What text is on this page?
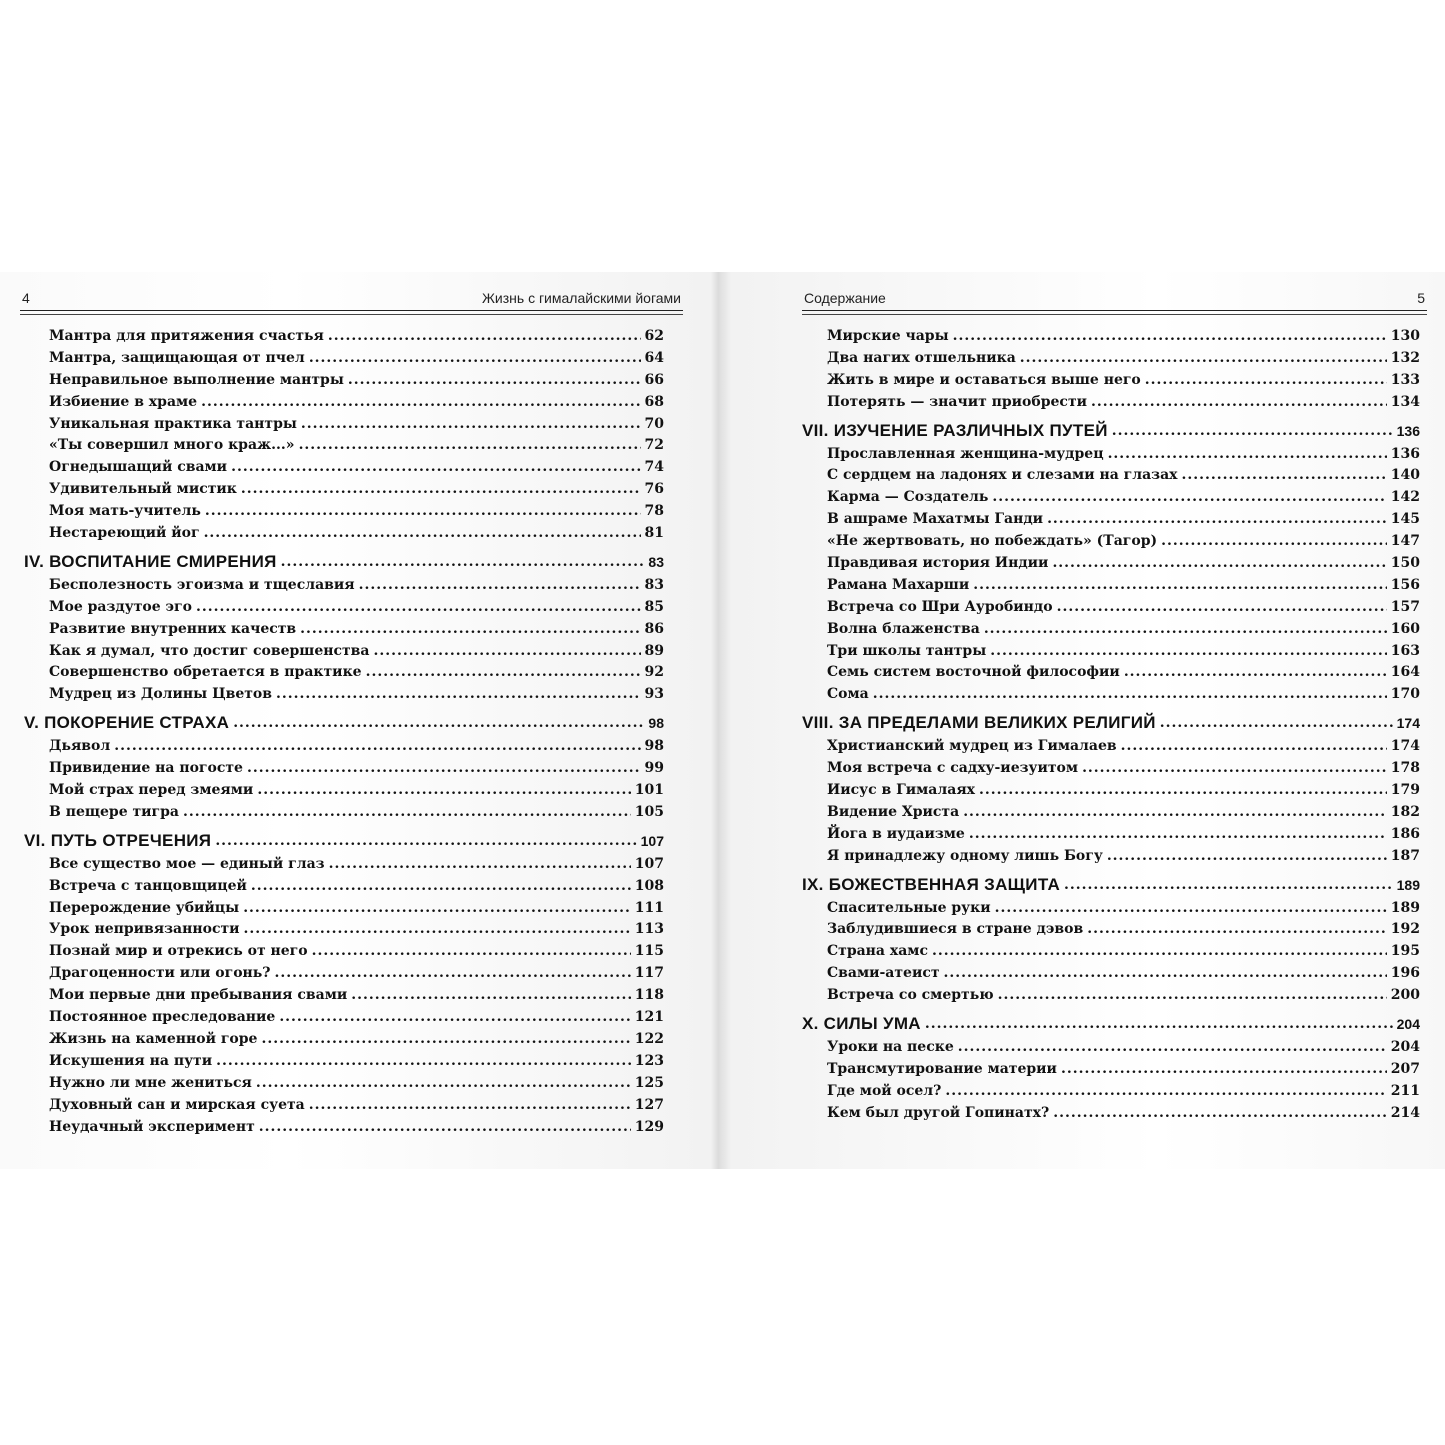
4	Жизнь с гималайскими йогами
Мантра для притяжения счастья .....	62
Мантра, защищающая от пчел .....	64
Неправильное выполнение мантры .....	66
Избиение в храме .....	68
Уникальная практика тантры .....	70
«Ты совершил много краж...» .....	72
Огнедышащий свами .....	74
Удивительный мистик .....	76
Моя мать-учитель .....	78
Нестареющий йог .....	81
IV. ВОСПИТАНИЕ СМИРЕНИЯ .....	83
Бесполезность эгоизма и тщеславия .....	83
Мое раздутое эго .....	85
Развитие внутренних качеств .....	86
Как я думал, что достиг совершенства .....	89
Совершенство обретается в практике .....	92
Мудрец из Долины Цветов .....	93
V. ПОКОРЕНИЕ СТРАХА .....	98
Дьявол .....	98
Привидение на погосте .....	99
Мой страх перед змеями .....	101
В пещере тигра .....	105
VI. ПУТЬ ОТРЕЧЕНИЯ .....	107
Все существо мое — единый глаз .....	107
Встреча с танцовщицей .....	108
Перерождение убийцы .....	111
Урок непривязанности .....	113
Познай мир и отрекись от него .....	115
Драгоценности или огонь? .....	117
Мои первые дни пребывания свами .....	118
Постоянное преследование .....	121
Жизнь на каменной горе .....	122
Искушения на пути .....	123
Нужно ли мне жениться .....	125
Духовный сан и мирская суета .....	127
Неудачный эксперимент .....	129
Содержание	5
Мирские чары .....	130
Два нагих отшельника .....	132
Жить в мире и оставаться выше него .....	133
Потерять — значит приобрести .....	134
VII. ИЗУЧЕНИЕ РАЗЛИЧНЫХ ПУТЕЙ .....	136
Прославленная женщина-мудрец .....	136
С сердцем на ладонях и слезами на глазах .....	140
Карма — Создатель .....	142
В ашраме Махатмы Ганди .....	145
«Не жертвовать, но побеждать» (Тагор) .....	147
Правдивая история Индии .....	150
Рамана Махарши .....	156
Встреча со Шри Ауробиндо .....	157
Волна блаженства .....	160
Три школы тантры .....	163
Семь систем восточной философии .....	164
Сома .....	170
VIII. ЗА ПРЕДЕЛАМИ ВЕЛИКИХ РЕЛИГИЙ .....	174
Христианский мудрец из Гималаев .....	174
Моя встреча с садху-иезуитом .....	178
Иисус в Гималаях .....	179
Видение Христа .....	182
Йога в иудаизме .....	186
Я принадлежу одному лишь Богу .....	187
IX. БОЖЕСТВЕННАЯ ЗАЩИТА .....	189
Спасительные руки .....	189
Заблудившиеся в стране дэвов .....	192
Страна хамс .....	195
Свами-атеист .....	196
Встреча со смертью .....	200
X. СИЛЫ УМА .....	204
Уроки на песке .....	204
Трансмутирование материи .....	207
Где мой осел? .....	211
Кем был другой Гопинатх? .....	214
